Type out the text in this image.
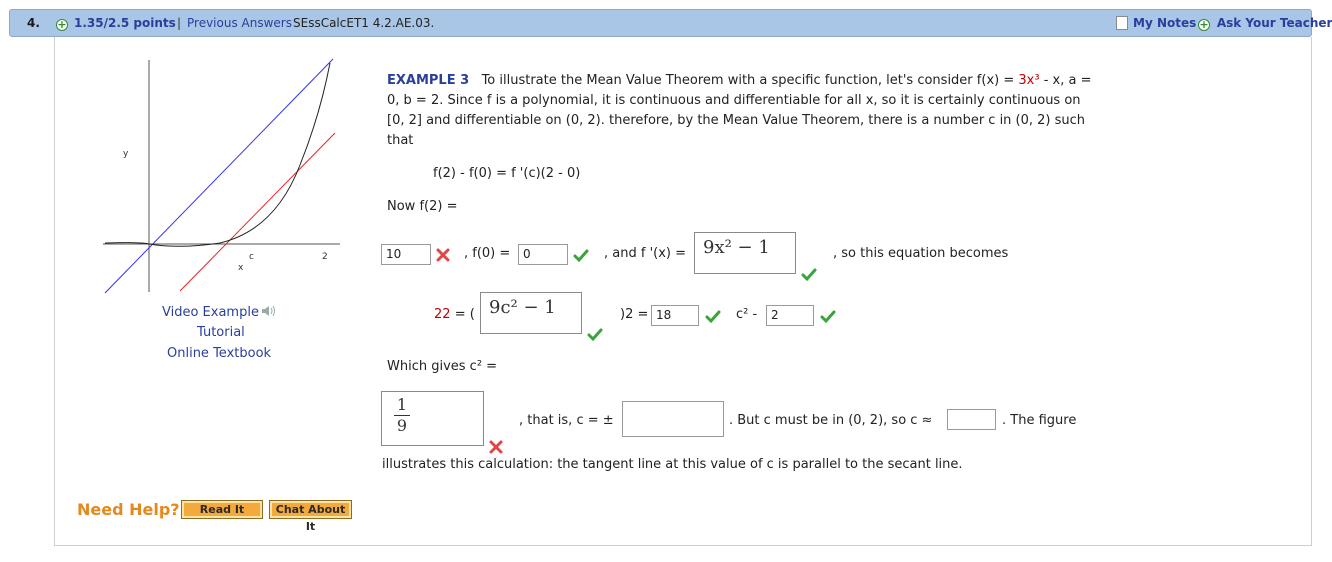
4. + 1.35/2.5 points | Previous Answers SEssCalcET1 4.2.AE.03.	My Notes + Ask Your Teacher
y
x
c	2
Video Example
Tutorial
Online Textbook
EXAMPLE 3 To illustrate the Mean Value Theorem with a specific function, let's consider f(x) = 3x³ - x, a =
0, b = 2. Since f is a polynomial, it is continuous and differentiable for all x, so it is certainly continuous on
[0, 2] and differentiable on (0, 2). therefore, by the Mean Value Theorem, there is a number c in (0, 2) such
that
f(2) - f(0) = f '(c)(2 - 0)
Now f(2) =
10	, f(0) =	0	, and f '(x) = 9x² − 1	, so this equation becomes
22 = ( 9c² − 1	)2 = 18	c² -	2
Which gives c² =
1
9	, that is, c = ±	. But c must be in (0, 2), so c ≈	. The figure
illustrates this calculation: the tangent line at this value of c is parallel to the secant line.
Need Help?	Read It	Chat About It
